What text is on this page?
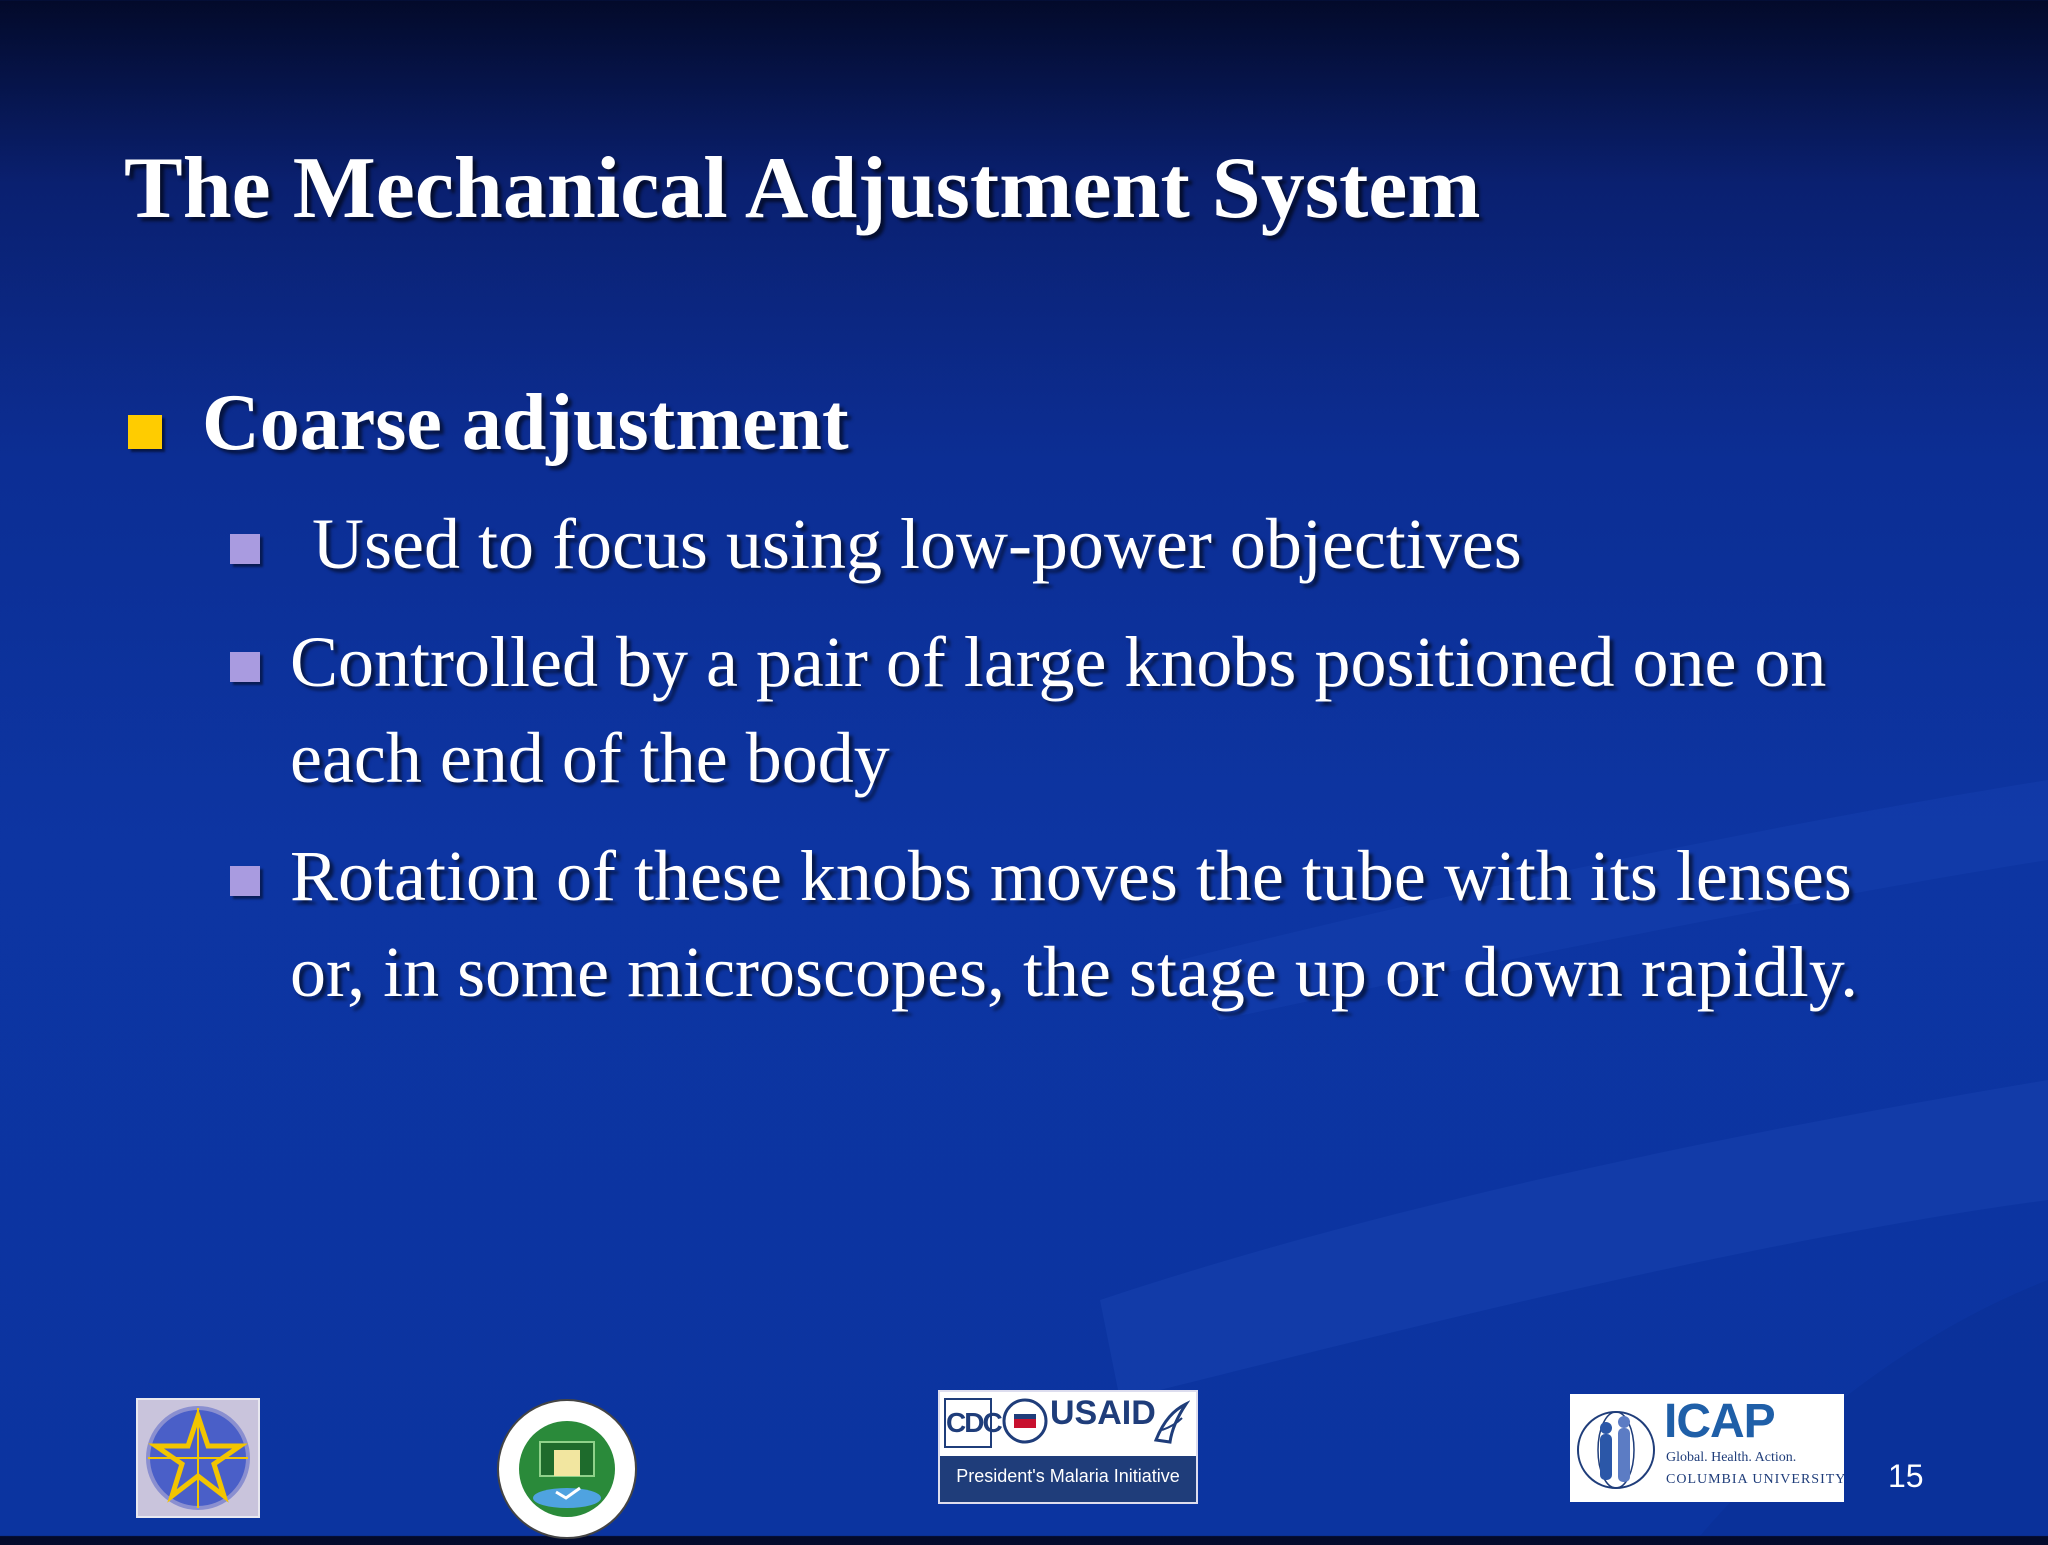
The Mechanical Adjustment System
Coarse adjustment
Used to focus using low-power objectives
Controlled by a pair of large knobs positioned one on each end of the body
Rotation of these knobs moves the tube with its lenses or, in some microscopes, the stage up or down rapidly.
CDC USAID
President's Malaria Initiative
ICAP
Global. Health. Action.
COLUMBIA UNIVERSITY 15
